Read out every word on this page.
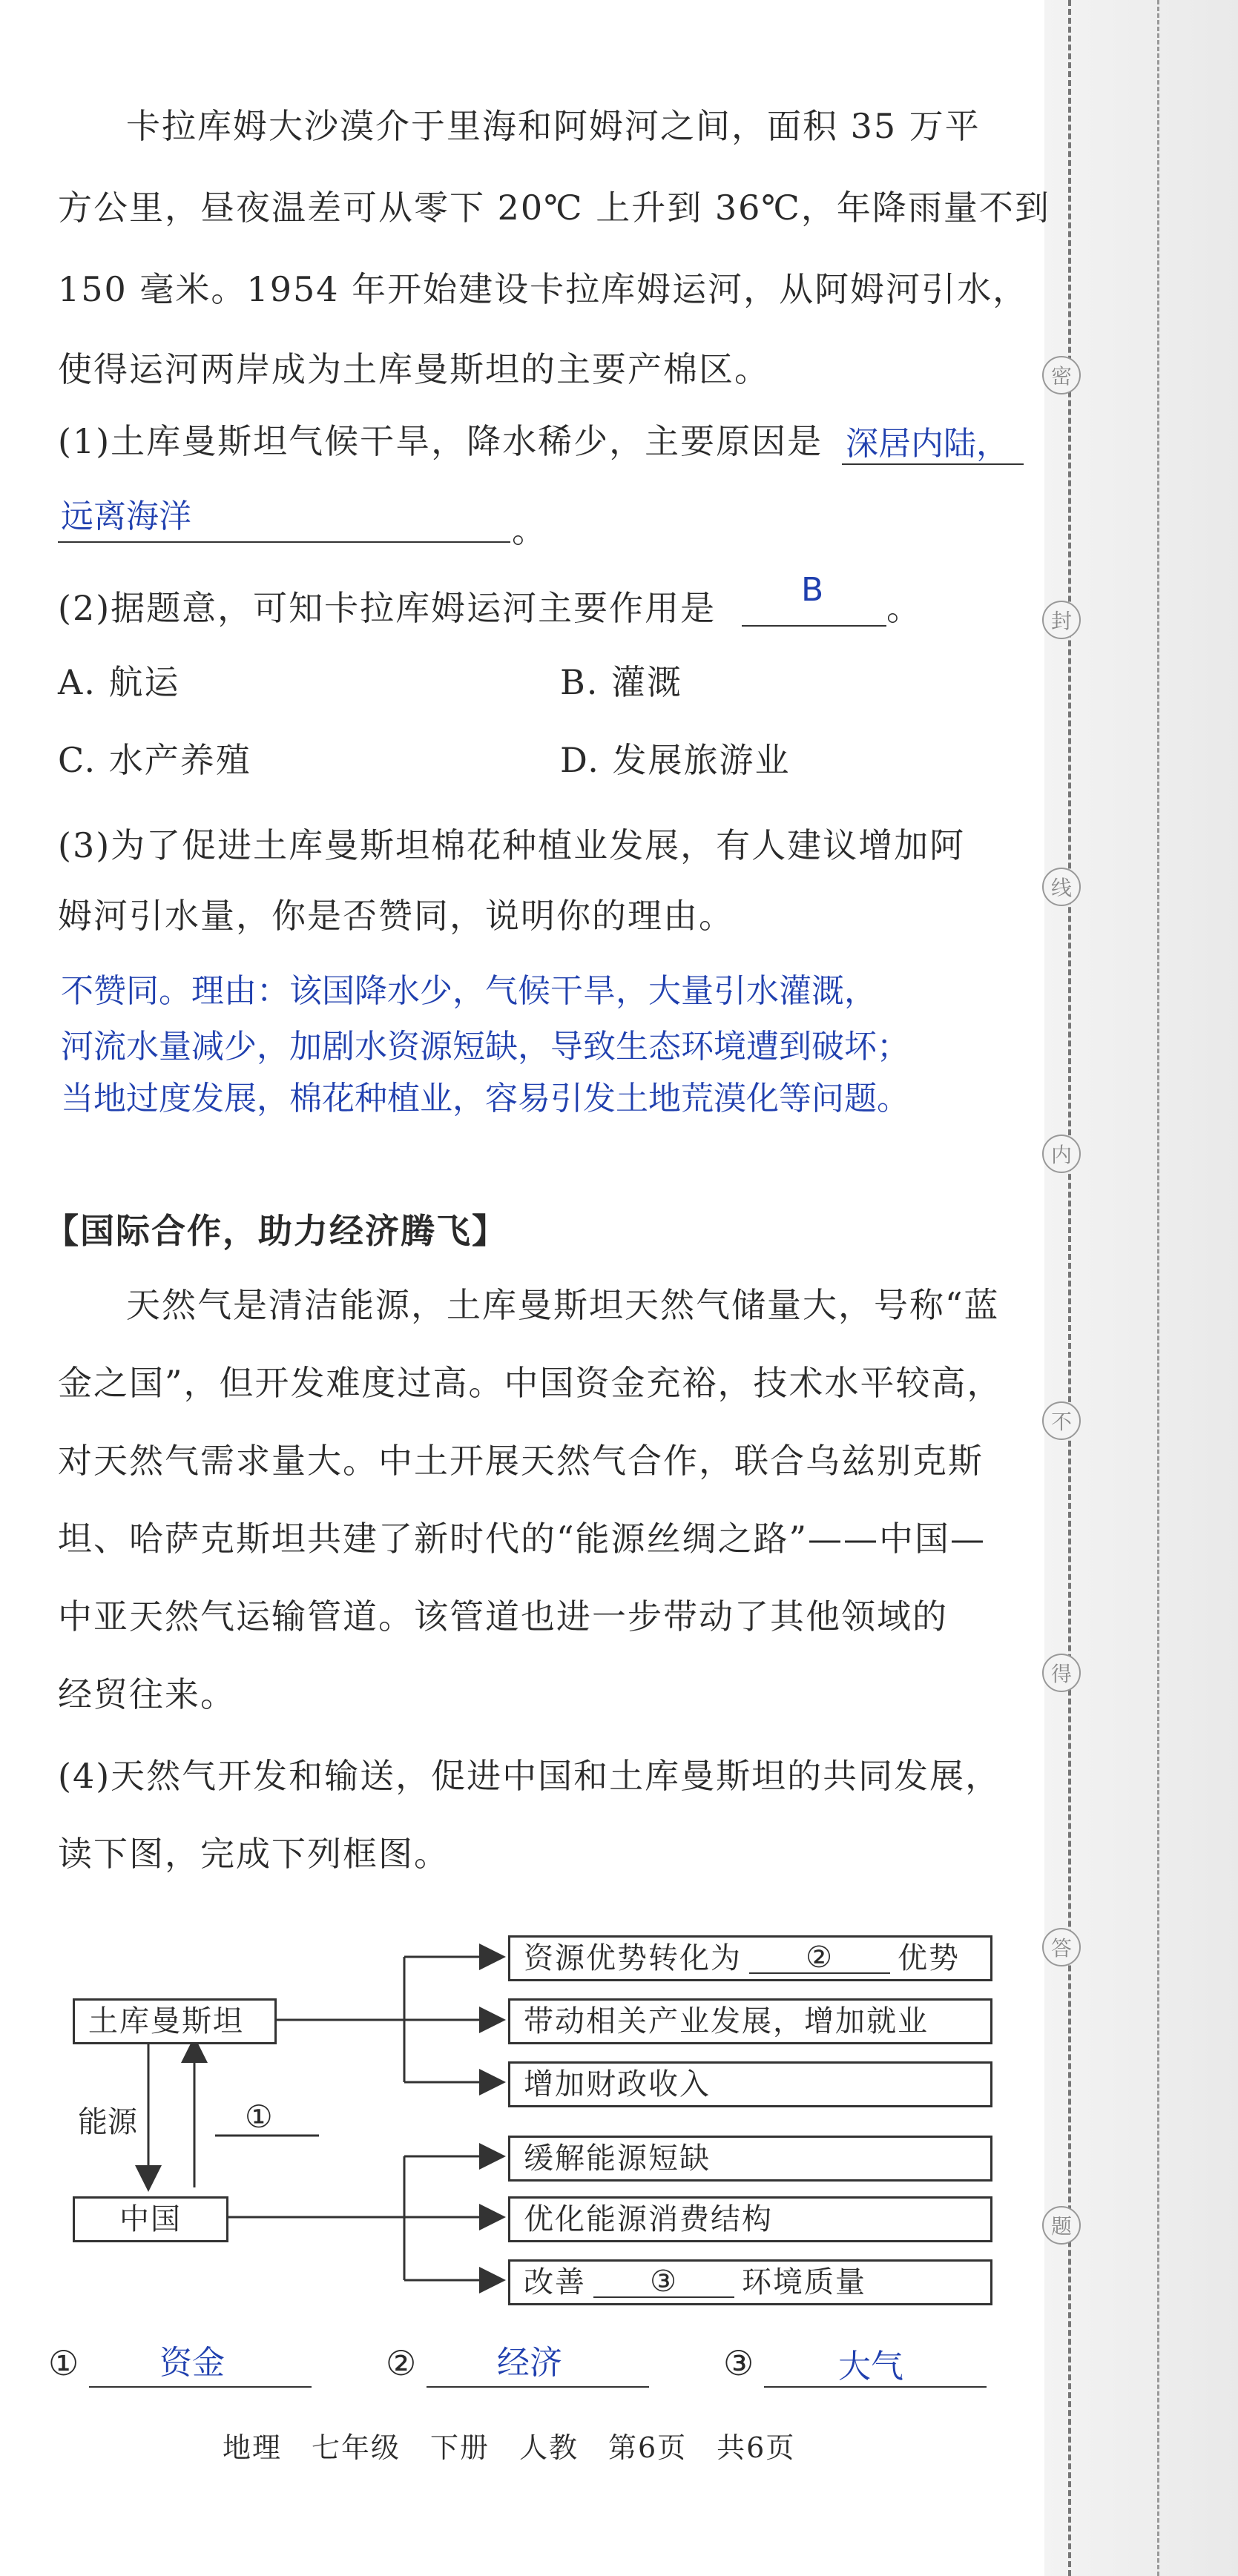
密
封
线
内
不
得
答
题
卡拉库姆大沙漠介于里海和阿姆河之间，面积 35 万平
方公里，昼夜温差可从零下 20℃ 上升到 36℃，年降雨量不到
150 毫米。1954 年开始建设卡拉库姆运河，从阿姆河引水，
使得运河两岸成为土库曼斯坦的主要产棉区。
(1)土库曼斯坦气候干旱，降水稀少，主要原因是 深居内陆，
远离海洋	。
(2)据题意，可知卡拉库姆运河主要作用是	B 。
A. 航运	B. 灌溉
C. 水产养殖	D. 发展旅游业
(3)为了促进土库曼斯坦棉花种植业发展，有人建议增加阿
姆河引水量，你是否赞同，说明你的理由。
不赞同。理由：该国降水少，气候干旱，大量引水灌溉，
河流水量减少，加剧水资源短缺，导致生态环境遭到破坏；
当地过度发展，棉花种植业，容易引发土地荒漠化等问题。
【国际合作，助力经济腾飞】
天然气是清洁能源，土库曼斯坦天然气储量大，号称“蓝
金之国”，但开发难度过高。中国资金充裕，技术水平较高，
对天然气需求量大。中土开展天然气合作，联合乌兹别克斯
坦、哈萨克斯坦共建了新时代的“能源丝绸之路”——中国—
中亚天然气运输管道。该管道也进一步带动了其他领域的
经贸往来。
(4)天然气开发和输送，促进中国和土库曼斯坦的共同发展，
读下图，完成下列框图。
土库曼斯坦
中国
能源	①
资源优势转化为	②	优势
带动相关产业发展，增加就业
增加财政收入
缓解能源短缺
优化能源消费结构
改善	③	环境质量
① 资金	② 经济	③	大气
地理　七年级　下册　人教　第6页　共6页
